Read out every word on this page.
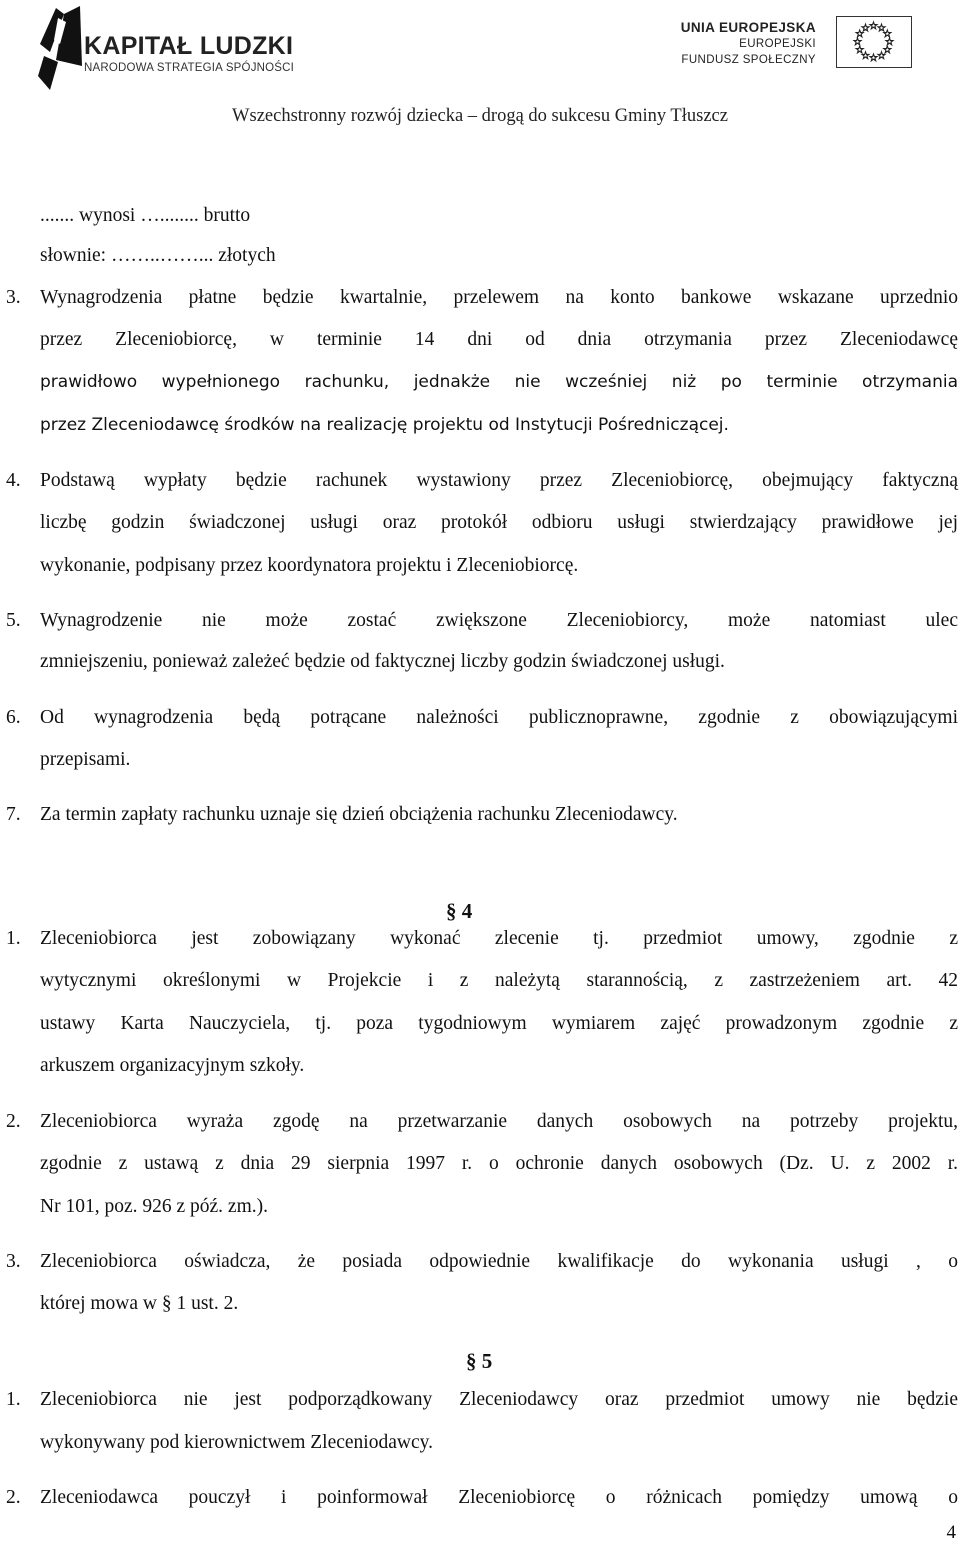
KAPITAŁ LUDZKI
NARODOWA STRATEGIA SPÓJNOŚCI
UNIA EUROPEJSKA
EUROPEJSKI
FUNDUSZ SPOŁECZNY
Wszechstronny rozwój dziecka – drogą do sukcesu Gminy Tłuszcz
....... wynosi …........ brutto
słownie: ……..……... złotych
3. Wynagrodzenia płatne będzie kwartalnie, przelewem na konto bankowe wskazane uprzednio
przez Zleceniobiorcę, w terminie 14 dni od dnia otrzymania przez Zleceniodawcę
prawidłowo wypełnionego rachunku, jednakże nie wcześniej niż po terminie otrzymania
przez Zleceniodawcę środków na realizację projektu od Instytucji Pośredniczącej.
4. Podstawą wypłaty będzie rachunek wystawiony przez Zleceniobiorcę, obejmujący faktyczną
liczbę godzin świadczonej usługi oraz protokół odbioru usługi stwierdzający prawidłowe jej
wykonanie, podpisany przez koordynatora projektu i Zleceniobiorcę.
5. Wynagrodzenie nie może zostać zwiększone Zleceniobiorcy, może natomiast ulec
zmniejszeniu, ponieważ zależeć będzie od faktycznej liczby godzin świadczonej usługi.
6. Od wynagrodzenia będą potrącane należności publicznoprawne, zgodnie z obowiązującymi
przepisami.
7. Za termin zapłaty rachunku uznaje się dzień obciążenia rachunku Zleceniodawcy.
§ 4
1. Zleceniobiorca jest zobowiązany wykonać zlecenie tj. przedmiot umowy, zgodnie z
wytycznymi określonymi w Projekcie i z należytą starannością, z zastrzeżeniem art. 42
ustawy Karta Nauczyciela, tj. poza tygodniowym wymiarem zajęć prowadzonym zgodnie z
arkuszem organizacyjnym szkoły.
2. Zleceniobiorca wyraża zgodę na przetwarzanie danych osobowych na potrzeby projektu,
zgodnie z ustawą z dnia 29 sierpnia 1997 r. o ochronie danych osobowych (Dz. U. z 2002 r.
Nr 101, poz. 926 z póź. zm.).
3. Zleceniobiorca oświadcza, że posiada odpowiednie kwalifikacje do wykonania usługi , o
której mowa w § 1 ust. 2.
§ 5
1. Zleceniobiorca nie jest podporządkowany Zleceniodawcy oraz przedmiot umowy nie będzie
wykonywany pod kierownictwem Zleceniodawcy.
2. Zleceniodawca pouczył i poinformował Zleceniobiorcę o różnicach pomiędzy umową o
4
